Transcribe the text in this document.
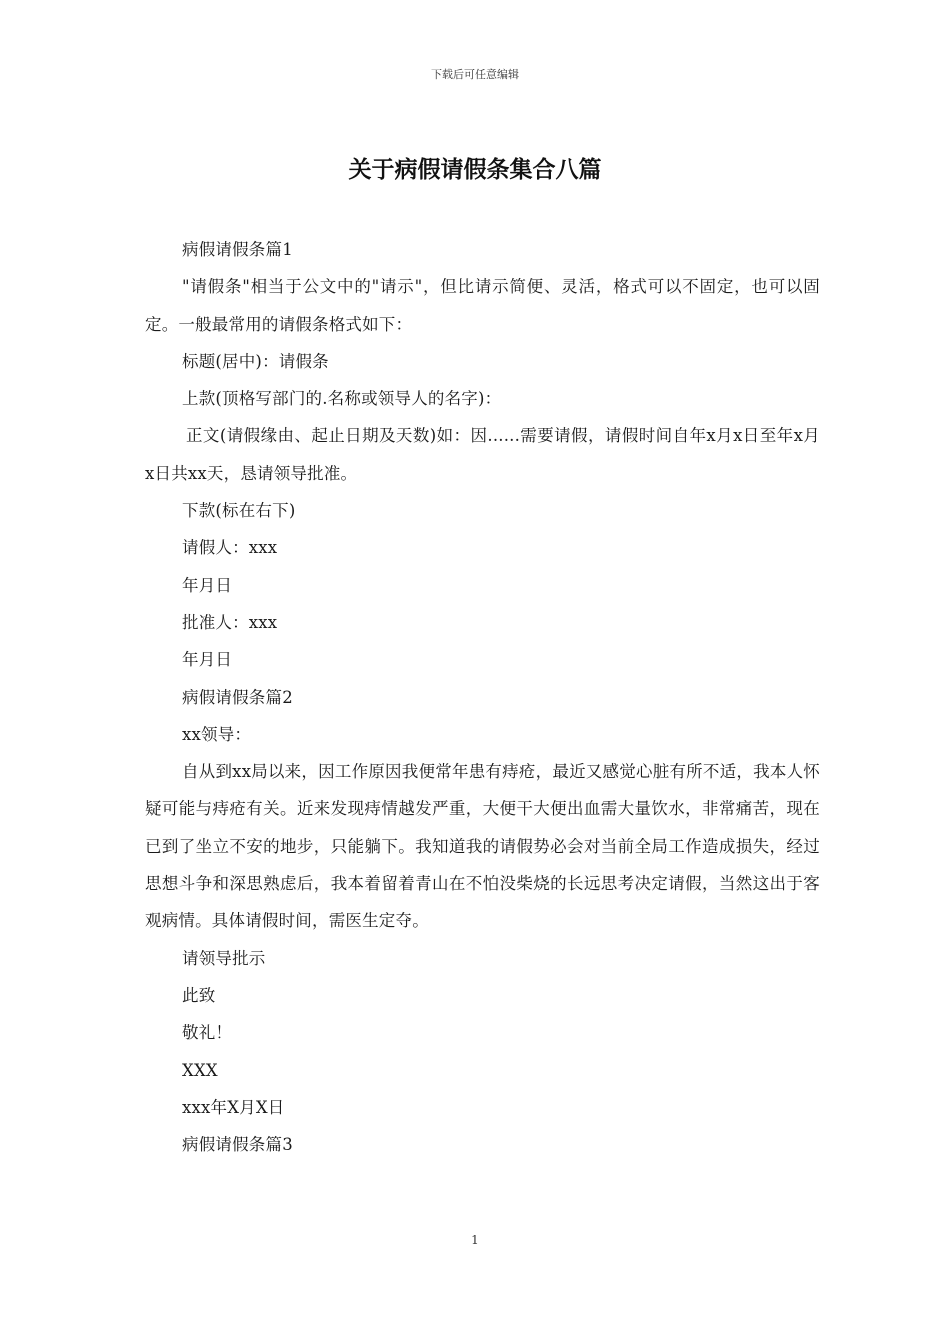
下载后可任意编辑
关于病假请假条集合八篇

病假请假条篇1

"请假条"相当于公文中的"请示"，但比请示简便、灵活，格式可以不固定，也可以固定。一般最常用的请假条格式如下：

标题(居中)：请假条

上款(顶格写部门的.名称或领导人的名字)：

正文(请假缘由、起止日期及天数)如：因......需要请假，请假时间自年x月x日至年x月x日共xx天，恳请领导批准。

下款(标在右下)

请假人：xxx

年月日

批准人：xxx

年月日

病假请假条篇2

xx领导：

自从到xx局以来，因工作原因我便常年患有痔疮，最近又感觉心脏有所不适，我本人怀疑可能与痔疮有关。近来发现痔情越发严重，大便干大便出血需大量饮水，非常痛苦，现在已到了坐立不安的地步，只能躺下。我知道我的请假势必会对当前全局工作造成损失，经过思想斗争和深思熟虑后，我本着留着青山在不怕没柴烧的长远思考决定请假，当然这出于客观病情。具体请假时间，需医生定夺。

请领导批示

此致

敬礼！

XXX

xxx年X月X日

病假请假条篇3

1
